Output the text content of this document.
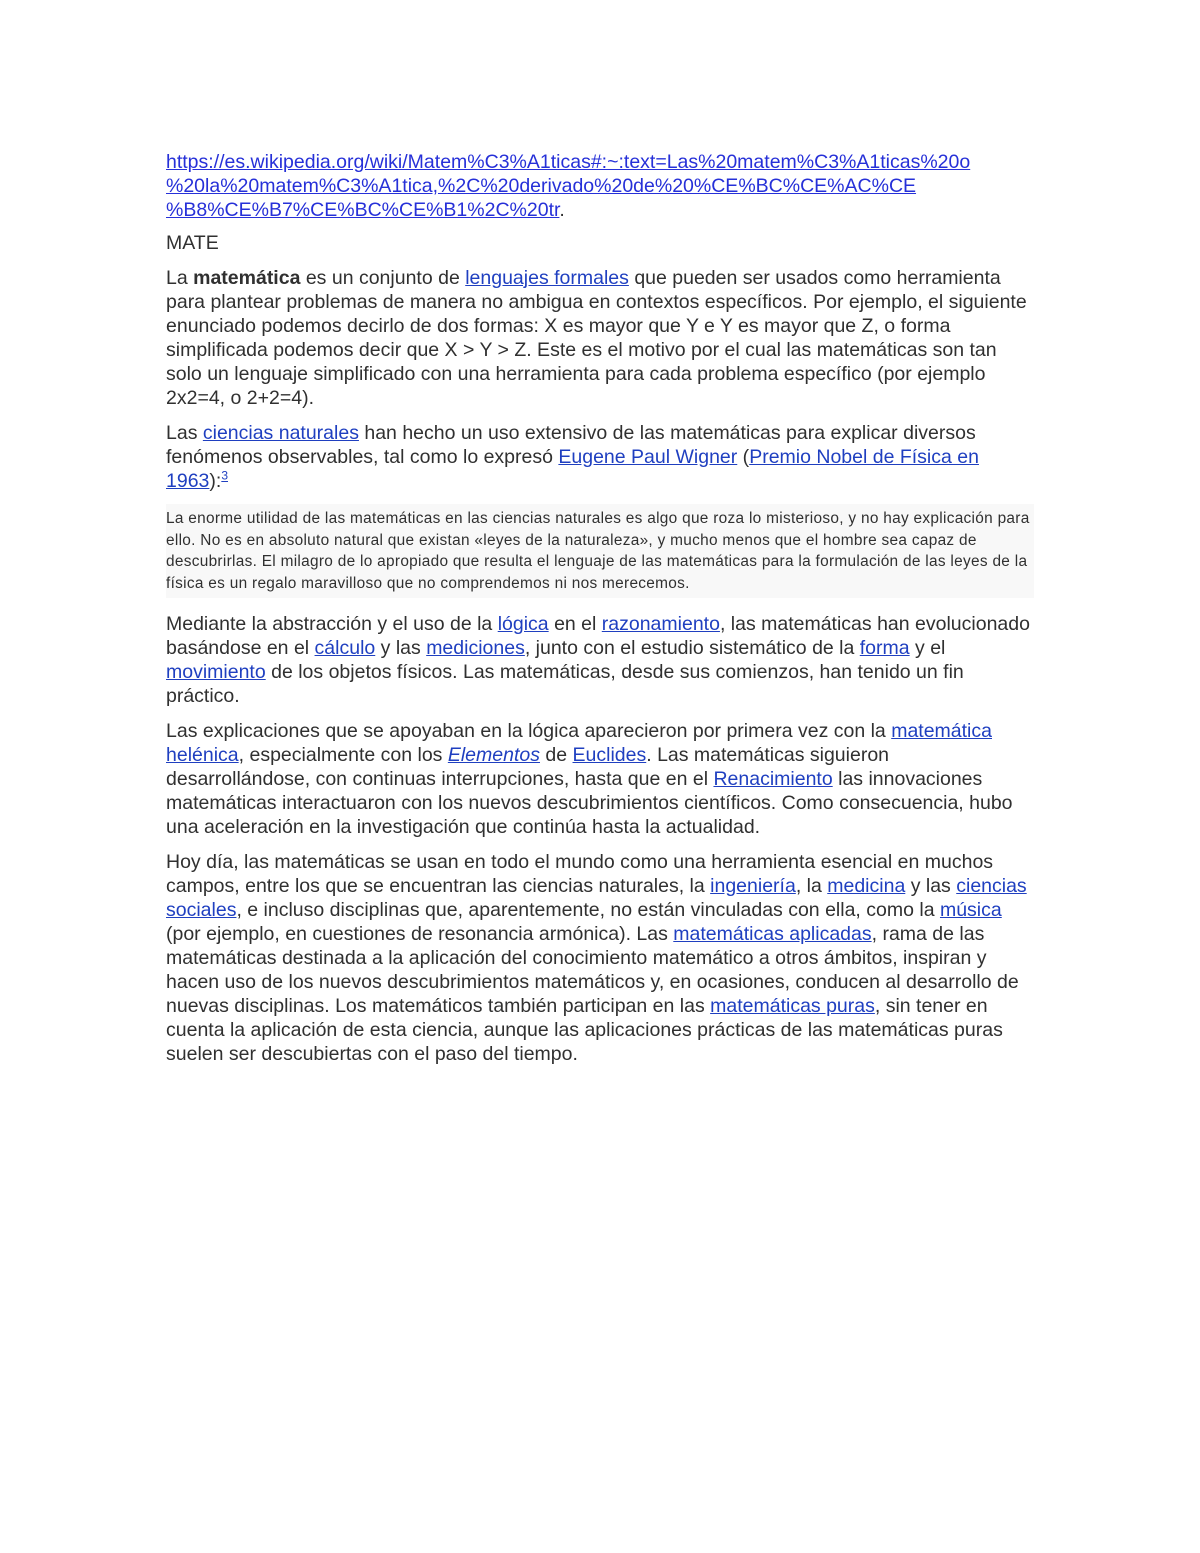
https://es.wikipedia.org/wiki/Matem%C3%A1ticas#:~:text=Las%20matem%C3%A1ticas%20o
%20la%20matem%C3%A1tica,%2C%20derivado%20de%20%CE%BC%CE%AC%CE
%B8%CE%B7%CE%BC%CE%B1%2C%20tr.

MATE

La matemática es un conjunto de lenguajes formales que pueden ser usados como herramienta para plantear problemas de manera no ambigua en contextos específicos. Por ejemplo, el siguiente enunciado podemos decirlo de dos formas: X es mayor que Y e Y es mayor que Z, o forma simplificada podemos decir que X > Y > Z. Este es el motivo por el cual las matemáticas son tan solo un lenguaje simplificado con una herramienta para cada problema específico (por ejemplo 2x2=4, o 2+2=4).

Las ciencias naturales han hecho un uso extensivo de las matemáticas para explicar diversos fenómenos observables, tal como lo expresó Eugene Paul Wigner (Premio Nobel de Física en 1963):$^3$

La enorme utilidad de las matemáticas en las ciencias naturales es algo que roza lo misterioso, y no hay explicación para ello. No es en absoluto natural que existan «leyes de la naturaleza», y mucho menos que el hombre sea capaz de descubrirlas. El milagro de lo apropiado que resulta el lenguaje de las matemáticas para la formulación de las leyes de la física es un regalo maravilloso que no comprendemos ni nos merecemos.

Mediante la abstracción y el uso de la lógica en el razonamiento, las matemáticas han evolucionado basándose en el cálculo y las mediciones, junto con el estudio sistemático de la forma y el movimiento de los objetos físicos. Las matemáticas, desde sus comienzos, han tenido un fin práctico.

Las explicaciones que se apoyaban en la lógica aparecieron por primera vez con la matemática helénica, especialmente con los Elementos de Euclides. Las matemáticas siguieron desarrollándose, con continuas interrupciones, hasta que en el Renacimiento las innovaciones matemáticas interactuaron con los nuevos descubrimientos científicos. Como consecuencia, hubo una aceleración en la investigación que continúa hasta la actualidad.

Hoy día, las matemáticas se usan en todo el mundo como una herramienta esencial en muchos campos, entre los que se encuentran las ciencias naturales, la ingeniería, la medicina y las ciencias sociales, e incluso disciplinas que, aparentemente, no están vinculadas con ella, como la música (por ejemplo, en cuestiones de resonancia armónica). Las matemáticas aplicadas, rama de las matemáticas destinada a la aplicación del conocimiento matemático a otros ámbitos, inspiran y hacen uso de los nuevos descubrimientos matemáticos y, en ocasiones, conducen al desarrollo de nuevas disciplinas. Los matemáticos también participan en las matemáticas puras, sin tener en cuenta la aplicación de esta ciencia, aunque las aplicaciones prácticas de las matemáticas puras suelen ser descubiertas con el paso del tiempo.
